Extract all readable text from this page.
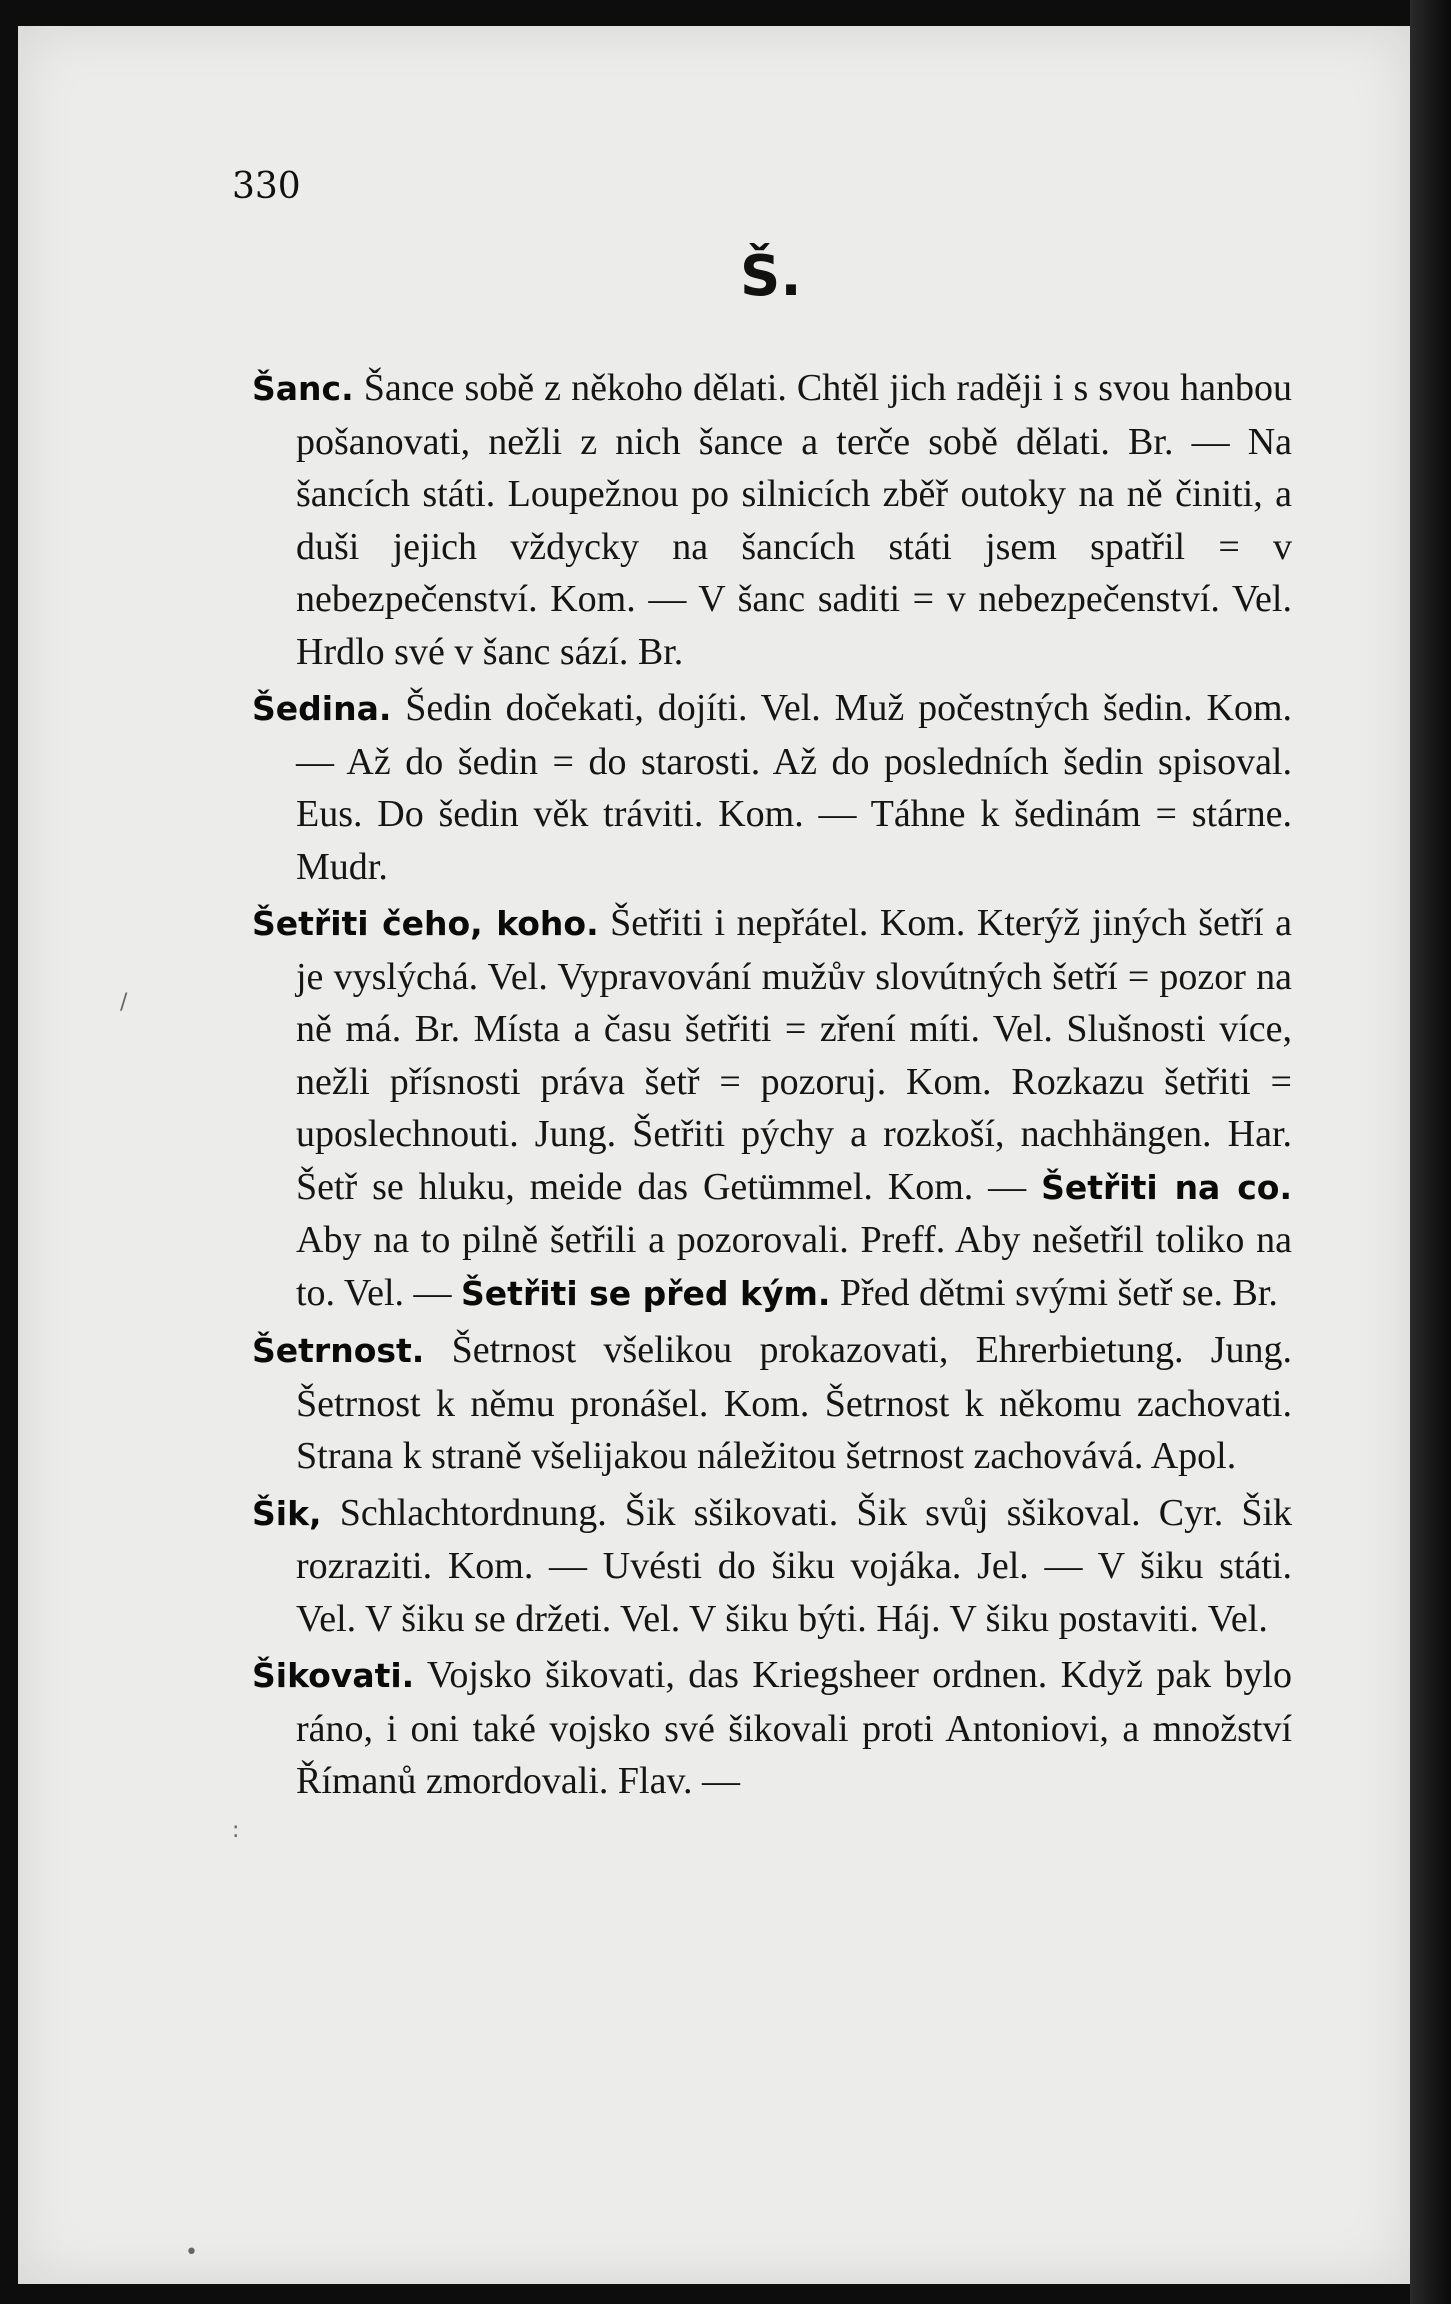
330
Š.
/
:
•

Šanc. Šance sobě z někoho dělati. Chtěl jich raději i s svou hanbou pošanovati, nežli z nich šance a terče sobě dělati. Br. — Na šancích státi. Loupežnou po silnicích zběř outoky na ně činiti, a duši jejich vždycky na šancích státi jsem spatřil = v nebezpečenství. Kom. — V šanc saditi = v nebezpečenství. Vel. Hrdlo své v šanc sází. Br.

Šedina. Šedin dočekati, dojíti. Vel. Muž počestných šedin. Kom. — Až do šedin = do starosti. Až do posledních šedin spisoval. Eus. Do šedin věk tráviti. Kom. — Táhne k šedinám = stárne. Mudr.

Šetřiti čeho, koho. Šetřiti i nepřátel. Kom. Kterýž jiných šetří a je vyslýchá. Vel. Vypravování mužův slovútných šetří = pozor na ně má. Br. Místa a času šetřiti = zření míti. Vel. Slušnosti více, nežli přísnosti práva šetř = pozoruj. Kom. Rozkazu šetřiti = uposlechnouti. Jung. Šetřiti pýchy a rozkoší, nachhängen. Har. Šetř se hluku, meide das Getümmel. Kom. — Šetřiti na co. Aby na to pilně šetřili a pozorovali. Preff. Aby nešetřil toliko na to. Vel. — Šetřiti se před kým. Před dětmi svými šetř se. Br.

Šetrnost. Šetrnost všelikou prokazovati, Ehrerbietung. Jung. Šetrnost k němu pronášel. Kom. Šetrnost k někomu zachovati. Strana k straně všelijakou náležitou šetrnost zachovává. Apol.

Šik, Schlachtordnung. Šik sšikovati. Šik svůj sšikoval. Cyr. Šik rozraziti. Kom. — Uvésti do šiku vojáka. Jel. — V šiku státi. Vel. V šiku se držeti. Vel. V šiku býti. Háj. V šiku postaviti. Vel.

Šikovati. Vojsko šikovati, das Kriegsheer ordnen. Když pak bylo ráno, i oni také vojsko své šikovali proti Antoniovi, a množství Římanů zmordovali. Flav. —
